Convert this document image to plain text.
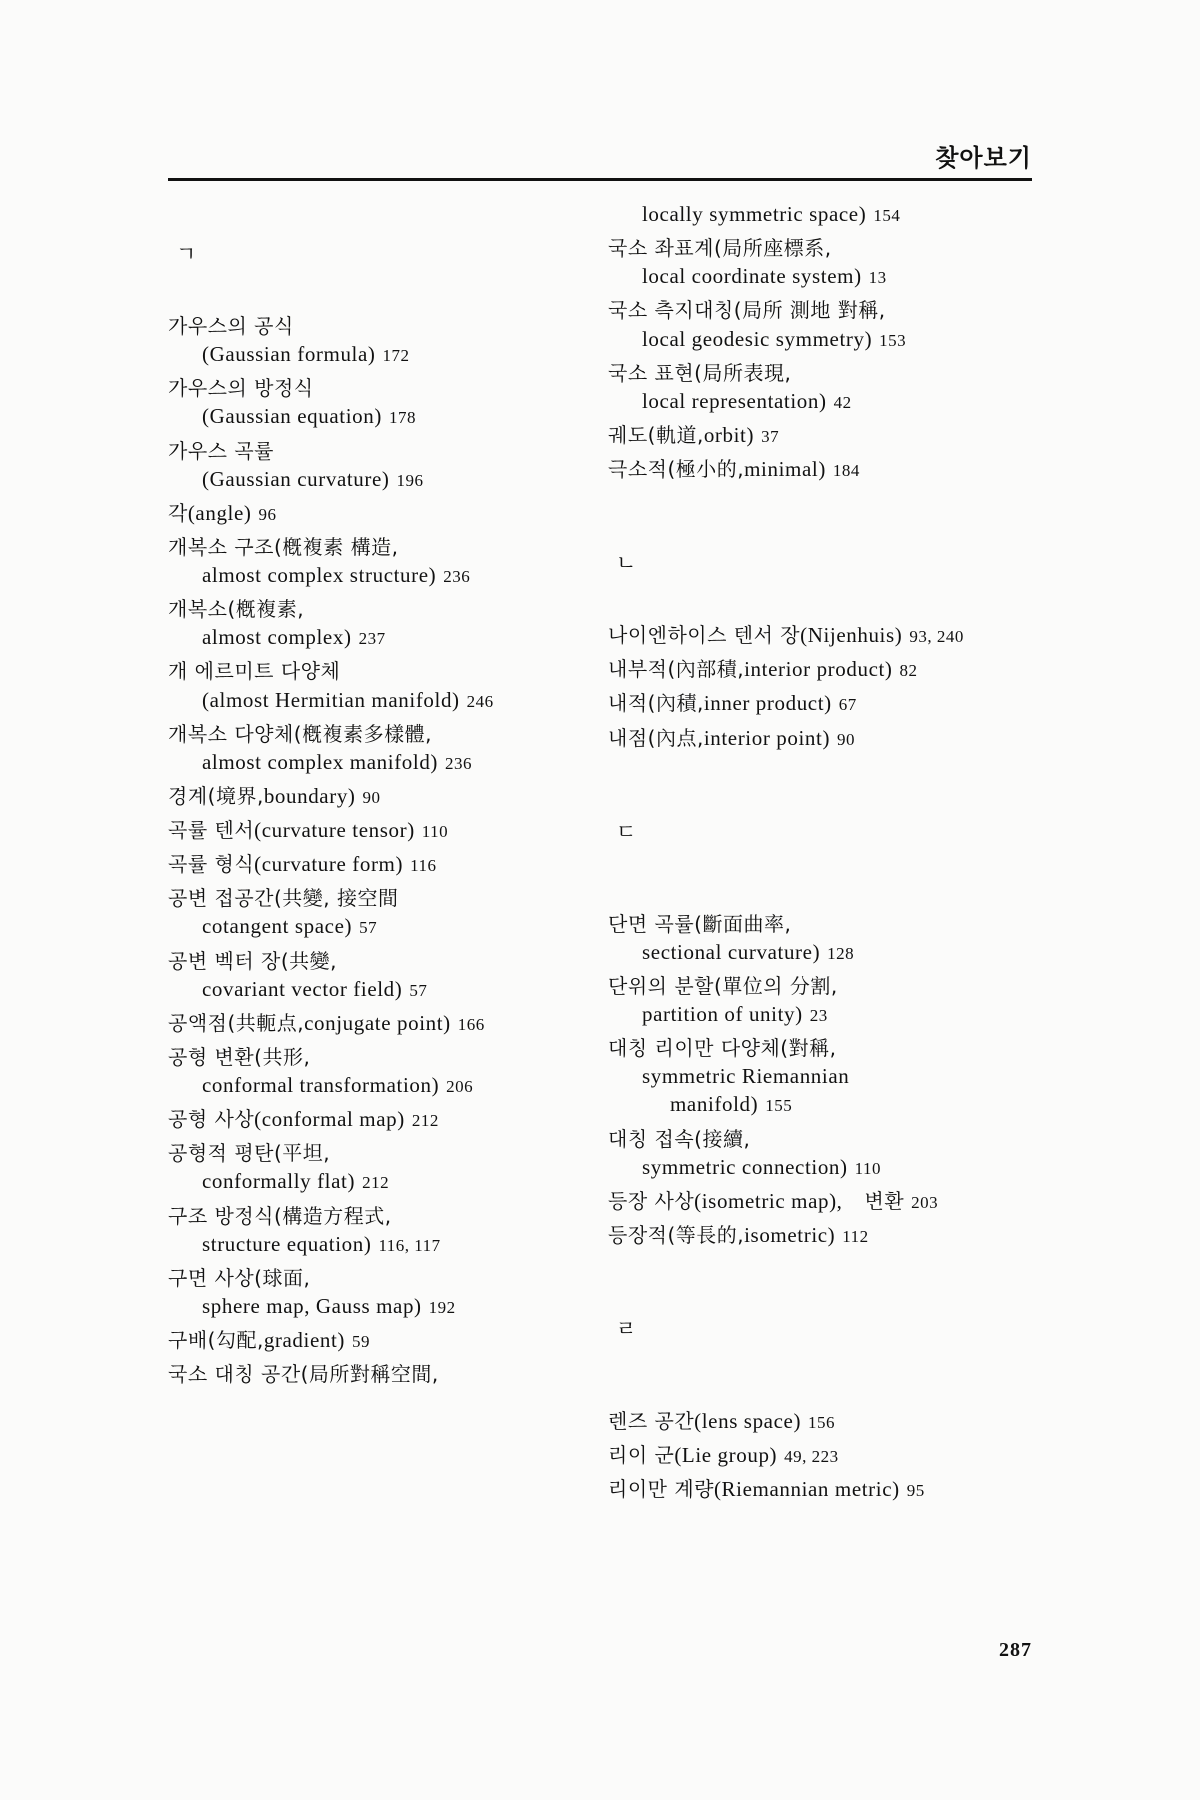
찾아보기
ㄱ
가우스의 공식
(Gaussian formula) 172
가우스의 방정식
(Gaussian equation) 178
가우스 곡률
(Gaussian curvature) 196
각(angle) 96
개복소 구조(槪複素 構造,
almost complex structure) 236
개복소(槪複素,
almost complex) 237
개 에르미트 다양체
(almost Hermitian manifold) 246
개복소 다양체(槪複素多樣體,
almost complex manifold) 236
경계(境界,boundary) 90
곡률 텐서(curvature tensor) 110
곡률 형식(curvature form) 116
공변 접공간(共變, 接空間
cotangent space) 57
공변 벡터 장(共變,
covariant vector field) 57
공액점(共軛点,conjugate point) 166
공형 변환(共形,
conformal transformation) 206
공형 사상(conformal map) 212
공형적 평탄(平坦,
conformally flat) 212
구조 방정식(構造方程式,
structure equation) 116, 117
구면 사상(球面,
sphere map, Gauss map) 192
구배(勾配,gradient) 59
국소 대칭 공간(局所對稱空間,
locally symmetric space) 154
국소 좌표계(局所座標系,
local coordinate system) 13
국소 측지대칭(局所 測地 對稱,
local geodesic symmetry) 153
국소 표현(局所表現,
local representation) 42
궤도(軌道,orbit) 37
극소적(極小的,minimal) 184
ㄴ
나이엔하이스 텐서 장(Nijenhuis) 93, 240
내부적(內部積,interior product) 82
내적(內積,inner product) 67
내점(內点,interior point) 90
ㄷ
단면 곡률(斷面曲率,
sectional curvature) 128
단위의 분할(單位의 分割,
partition of unity) 23
대칭 리이만 다양체(對稱,
symmetric Riemannian
manifold) 155
대칭 접속(接續,
symmetric connection) 110
등장 사상(isometric map), 변환 203
등장적(等長的,isometric) 112
ㄹ
렌즈 공간(lens space) 156
리이 군(Lie group) 49, 223
리이만 계량(Riemannian metric) 95
287
